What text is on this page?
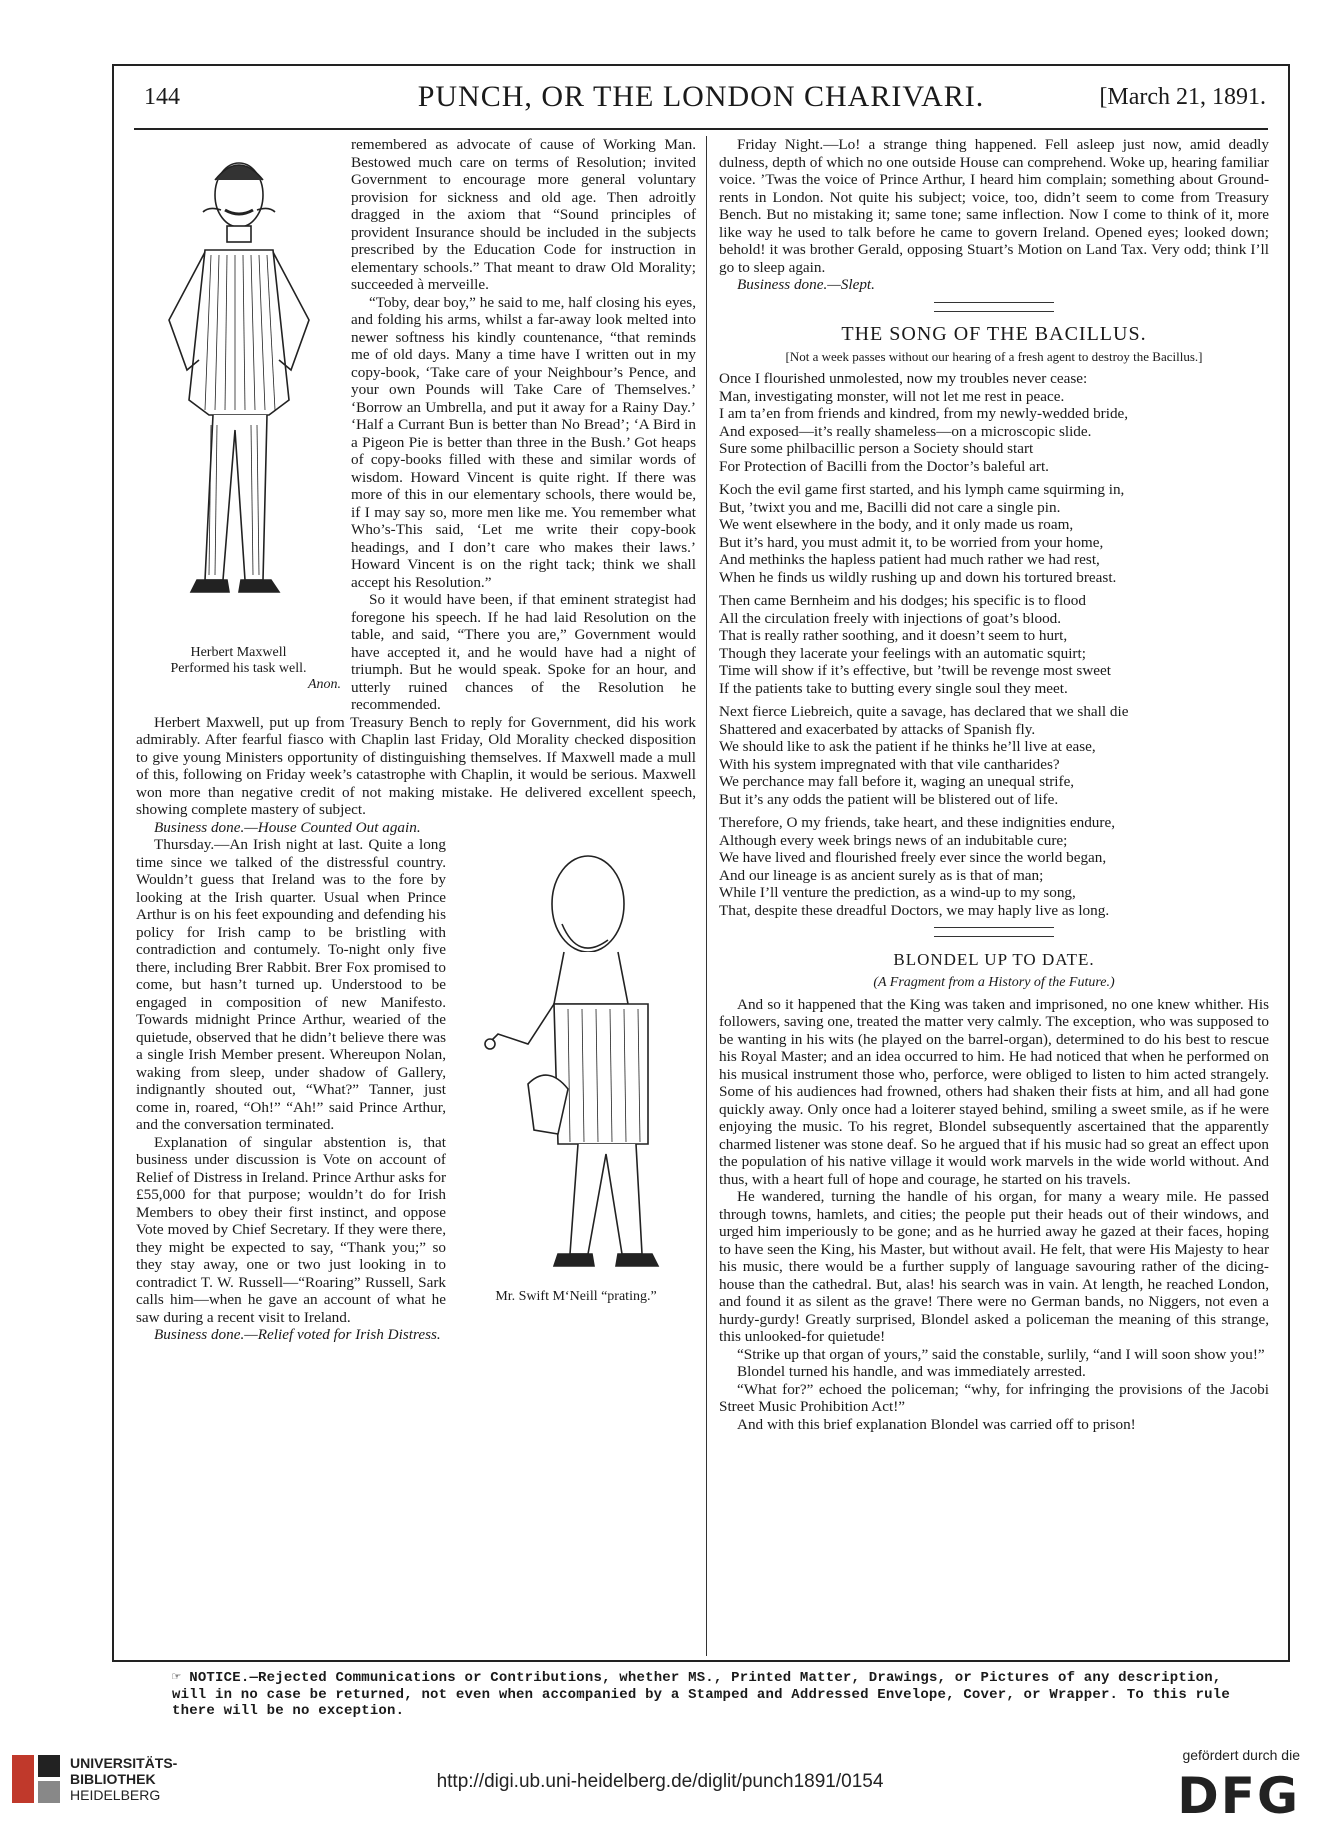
144	PUNCH, OR THE LONDON CHARIVARI.	[March 21, 1891.
Herbert Maxwell
Performed his task well.
Anon.

remembered as advocate of cause of Working Man. Bestowed much care on terms of Resolution; invited Government to encourage more general voluntary provision for sickness and old age. Then adroitly dragged in the axiom that “Sound principles of provident Insurance should be included in the subjects prescribed by the Education Code for instruction in elementary schools.” That meant to draw Old Morality; succeeded à merveille.

“Toby, dear boy,” he said to me, half closing his eyes, and folding his arms, whilst a far-away look melted into newer softness his kindly countenance, “that reminds me of old days. Many a time have I written out in my copy-book, ‘Take care of your Neighbour’s Pence, and your own Pounds will Take Care of Themselves.’ ‘Borrow an Umbrella, and put it away for a Rainy Day.’ ‘Half a Currant Bun is better than No Bread’; ‘A Bird in a Pigeon Pie is better than three in the Bush.’ Got heaps of copy-books filled with these and similar words of wisdom. Howard Vincent is quite right. If there was more of this in our elementary schools, there would be, if I may say so, more men like me. You remember what Who’s-This said, ‘Let me write their copy-book headings, and I don’t care who makes their laws.’ Howard Vincent is on the right tack; think we shall accept his Resolution.”

So it would have been, if that eminent strategist had foregone his speech. If he had laid Resolution on the table, and said, “There you are,” Government would have accepted it, and he would have had a night of triumph. But he would speak. Spoke for an hour, and utterly ruined chances of the Resolution he recommended.

Herbert Maxwell, put up from Treasury Bench to reply for Government, did his work admirably. After fearful fiasco with Chaplin last Friday, Old Morality checked disposition to give young Ministers opportunity of distinguishing themselves. If Maxwell made a mull of this, following on Friday week’s catastrophe with Chaplin, it would be serious. Maxwell won more than negative credit of not making mistake. He delivered excellent speech, showing complete mastery of subject.

Business done.—House Counted Out again.

Mr. Swift M‘Neill “prating.”

Thursday.—An Irish night at last. Quite a long time since we talked of the distressful country. Wouldn’t guess that Ireland was to the fore by looking at the Irish quarter. Usual when Prince Arthur is on his feet expounding and defending his policy for Irish camp to be bristling with contradiction and contumely. To-night only five there, including Brer Rabbit. Brer Fox promised to come, but hasn’t turned up. Understood to be engaged in composition of new Manifesto. Towards midnight Prince Arthur, wearied of the quietude, observed that he didn’t believe there was a single Irish Member present. Whereupon Nolan, waking from sleep, under shadow of Gallery, indignantly shouted out, “What?” Tanner, just come in, roared, “Oh!” “Ah!” said Prince Arthur, and the conversation terminated.

Explanation of singular abstention is, that business under discussion is Vote on account of Relief of Distress in Ireland. Prince Arthur asks for £55,000 for that purpose; wouldn’t do for Irish Members to obey their first instinct, and oppose Vote moved by Chief Secretary. If they were there, they might be expected to say, “Thank you;” so they stay away, one or two just looking in to contradict T. W. Russell—“Roaring” Russell, Sark calls him—when he gave an account of what he saw during a recent visit to Ireland.

Business done.—Relief voted for Irish Distress.

Friday Night.—Lo! a strange thing happened. Fell asleep just now, amid deadly dulness, depth of which no one outside House can comprehend. Woke up, hearing familiar voice. ’Twas the voice of Prince Arthur, I heard him complain; something about Ground-rents in London. Not quite his subject; voice, too, didn’t seem to come from Treasury Bench. But no mistaking it; same tone; same inflection. Now I come to think of it, more like way he used to talk before he came to govern Ireland. Opened eyes; looked down; behold! it was brother Gerald, opposing Stuart’s Motion on Land Tax. Very odd; think I’ll go to sleep again.

Business done.—Slept.

THE SONG OF THE BACILLUS.
[Not a week passes without our hearing of a fresh agent to destroy the Bacillus.]
Once I flourished unmolested, now my troubles never cease:
Man, investigating monster, will not let me rest in peace.
I am ta’en from friends and kindred, from my newly-wedded bride,
And exposed—it’s really shameless—on a microscopic slide.
Sure some philbacillic person a Society should start
For Protection of Bacilli from the Doctor’s baleful art.
Koch the evil game first started, and his lymph came squirming in,
But, ’twixt you and me, Bacilli did not care a single pin.
We went elsewhere in the body, and it only made us roam,
But it’s hard, you must admit it, to be worried from your home,
And methinks the hapless patient had much rather we had rest,
When he finds us wildly rushing up and down his tortured breast.
Then came Bernheim and his dodges; his specific is to flood
All the circulation freely with injections of goat’s blood.
That is really rather soothing, and it doesn’t seem to hurt,
Though they lacerate your feelings with an automatic squirt;
Time will show if it’s effective, but ’twill be revenge most sweet
If the patients take to butting every single soul they meet.
Next fierce Liebreich, quite a savage, has declared that we shall die
Shattered and exacerbated by attacks of Spanish fly.
We should like to ask the patient if he thinks he’ll live at ease,
With his system impregnated with that vile cantharides?
We perchance may fall before it, waging an unequal strife,
But it’s any odds the patient will be blistered out of life.
Therefore, O my friends, take heart, and these indignities endure,
Although every week brings news of an indubitable cure;
We have lived and flourished freely ever since the world began,
And our lineage is as ancient surely as is that of man;
While I’ll venture the prediction, as a wind-up to my song,
That, despite these dreadful Doctors, we may haply live as long.
BLONDEL UP TO DATE.
(A Fragment from a History of the Future.)

And so it happened that the King was taken and imprisoned, no one knew whither. His followers, saving one, treated the matter very calmly. The exception, who was supposed to be wanting in his wits (he played on the barrel-organ), determined to do his best to rescue his Royal Master; and an idea occurred to him. He had noticed that when he performed on his musical instrument those who, perforce, were obliged to listen to him acted strangely. Some of his audiences had frowned, others had shaken their fists at him, and all had gone quickly away. Only once had a loiterer stayed behind, smiling a sweet smile, as if he were enjoying the music. To his regret, Blondel subsequently ascertained that the apparently charmed listener was stone deaf. So he argued that if his music had so great an effect upon the population of his native village it would work marvels in the wide world without. And thus, with a heart full of hope and courage, he started on his travels.

He wandered, turning the handle of his organ, for many a weary mile. He passed through towns, hamlets, and cities; the people put their heads out of their windows, and urged him imperiously to be gone; and as he hurried away he gazed at their faces, hoping to have seen the King, his Master, but without avail. He felt, that were His Majesty to hear his music, there would be a further supply of language savouring rather of the dicing-house than the cathedral. But, alas! his search was in vain. At length, he reached London, and found it as silent as the grave! There were no German bands, no Niggers, not even a hurdy-gurdy! Greatly surprised, Blondel asked a policeman the meaning of this strange, this unlooked-for quietude!

“Strike up that organ of yours,” said the constable, surlily, “and I will soon show you!”

Blondel turned his handle, and was immediately arrested.

“What for?” echoed the policeman; “why, for infringing the provisions of the Jacobi Street Music Prohibition Act!”

And with this brief explanation Blondel was carried off to prison!

☞ NOTICE.—Rejected Communications or Contributions, whether MS., Printed Matter, Drawings, or Pictures of any description, will in no case be returned, not even when accompanied by a Stamped and Addressed Envelope, Cover, or Wrapper. To this rule there will be no exception.
UNIVERSITÄTS-
BIBLIOTHEK
HEIDELBERG
http://digi.ub.uni-heidelberg.de/diglit/punch1891/0154
gefördert durch die
DFG
